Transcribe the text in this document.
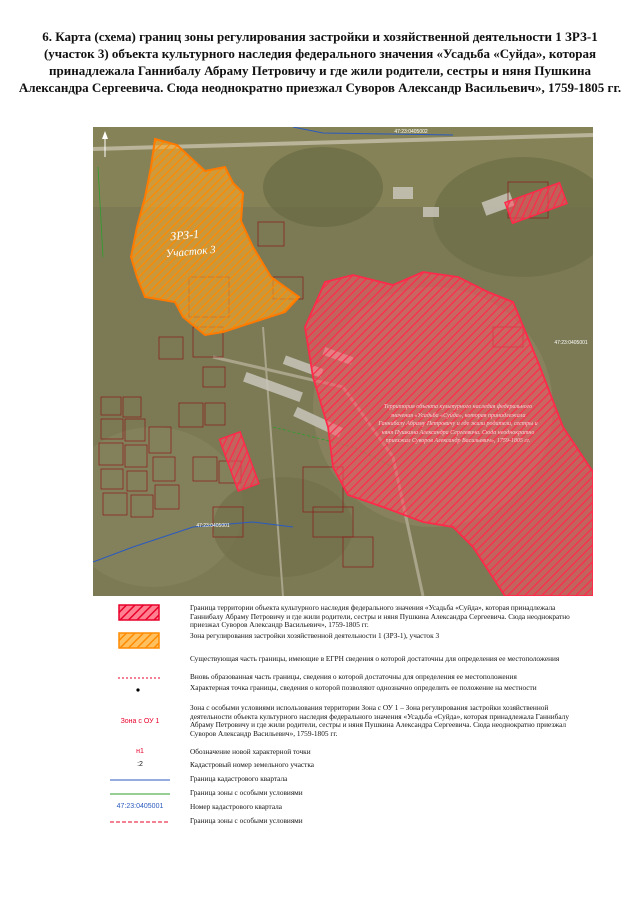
6. Карта (схема) границ зоны регулирования застройки и хозяйственной деятельности 1 ЗРЗ-1 (участок 3) объекта культурного наследия федерального значения «Усадьба «Суйда», которая принадлежала Ганнибалу Абраму Петровичу и где жили родители, сестры и няня Пушкина Александра Сергеевича. Сюда неоднократно приезжал Суворов Александр Васильевич», 1759-1805 гг.
ЗРЗ-1
Участок 3
47:23:0405002
47:23:0405001
47:23:0405001
Территория объекта культурного наследия федерального значения «Усадьба «Суйда», которая принадлежала Ганнибалу Абраму Петровичу и где жили родители, сестры и няня Пушкина Александра Сергеевича. Сюда неоднократно приезжал Суворов Александр Васильевич», 1759-1805 гг.
Граница территории объекта культурного наследия федерального значения «Усадьба «Суйда», которая принадлежала Ганнибалу Абраму Петровичу и где жили родители, сестры и няня Пушкина Александра Сергеевича. Сюда неоднократно приезжал Суворов Александр Васильевич», 1759-1805 гг.
Зона регулирования застройки хозяйственной деятельности 1 (ЗРЗ-1), участок 3
Существующая часть границы, имеющие в ЕГРН сведения о которой достаточны для определения ее местоположения
Вновь образованная часть границы, сведения о которой достаточны для определения ее местоположения
Характерная точка границы, сведения о которой позволяют однозначно определить ее положение на местности
Зона с ОУ 1
Зона с особыми условиями использования территории Зона с ОУ 1 – Зона регулирования застройки хозяйственной деятельности объекта культурного наследия федерального значения «Усадьба «Суйда», которая принадлежала Ганнибалу Абраму Петровичу и где жили родители, сестры и няня Пушкина Александра Сергеевича. Сюда неоднократно приезжал Суворов Александр Васильевич», 1759-1805 гг.
н1	Обозначение новой характерной точки
:2	Кадастровый номер земельного участка
Граница кадастрового квартала
Граница зоны с особыми условиями
47:23:0405001	Номер кадастрового квартала
Граница зоны с особыми условиями
